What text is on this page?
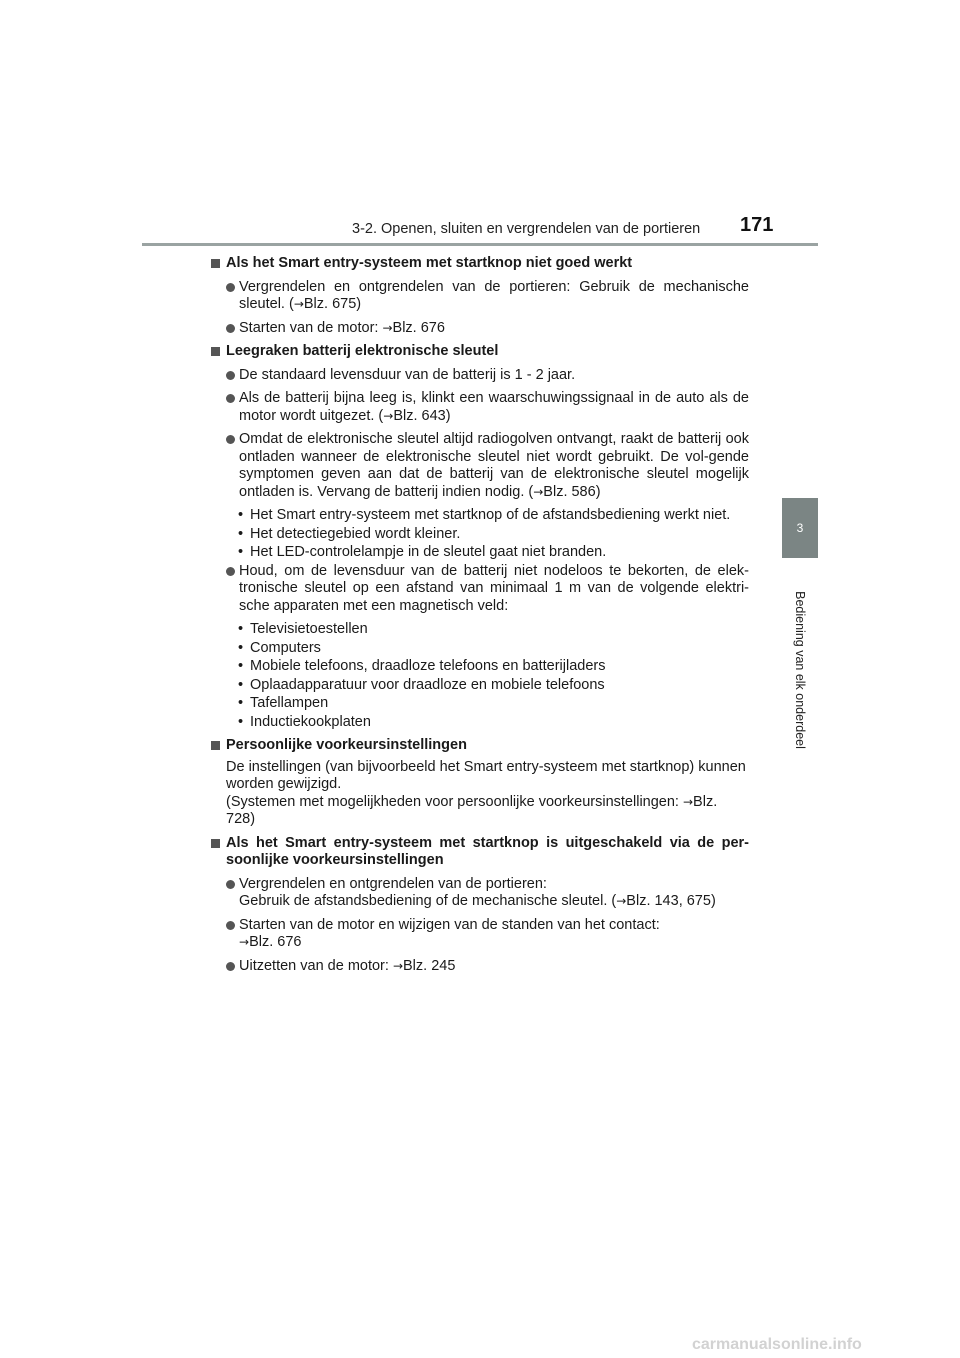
3-2. Openen, sluiten en vergrendelen van de portieren 171
3
Bediening van elk onderdeel
Als het Smart entry-systeem met startknop niet goed werkt
Vergrendelen en ontgrendelen van de portieren: Gebruik de mechanische sleutel. (→Blz. 675)
Starten van de motor: →Blz. 676
Leegraken batterij elektronische sleutel
De standaard levensduur van de batterij is 1 - 2 jaar.
Als de batterij bijna leeg is, klinkt een waarschuwingssignaal in de auto als de motor wordt uitgezet. (→Blz. 643)
Omdat de elektronische sleutel altijd radiogolven ontvangt, raakt de batterij ook ontladen wanneer de elektronische sleutel niet wordt gebruikt. De vol-gende symptomen geven aan dat de batterij van de elektronische sleutel mogelijk ontladen is. Vervang de batterij indien nodig. (→Blz. 586)
• Het Smart entry-systeem met startknop of de afstandsbediening werkt niet.
• Het detectiegebied wordt kleiner.
• Het LED-controlelampje in de sleutel gaat niet branden.
Houd, om de levensduur van de batterij niet nodeloos te bekorten, de elek-tronische sleutel op een afstand van minimaal 1 m van de volgende elektri-sche apparaten met een magnetisch veld:
• Televisietoestellen
• Computers
• Mobiele telefoons, draadloze telefoons en batterijladers
• Oplaadapparatuur voor draadloze en mobiele telefoons
• Tafellampen
• Inductiekookplaten
Persoonlijke voorkeursinstellingen
De instellingen (van bijvoorbeeld het Smart entry-systeem met startknop) kunnen worden gewijzigd.
(Systemen met mogelijkheden voor persoonlijke voorkeursinstellingen: →Blz. 728)
Als het Smart entry-systeem met startknop is uitgeschakeld via de per-soonlijke voorkeursinstellingen
Vergrendelen en ontgrendelen van de portieren:
Gebruik de afstandsbediening of de mechanische sleutel. (→Blz. 143, 675)
Starten van de motor en wijzigen van de standen van het contact:
→Blz. 676
Uitzetten van de motor: →Blz. 245
carmanualsonline.info
